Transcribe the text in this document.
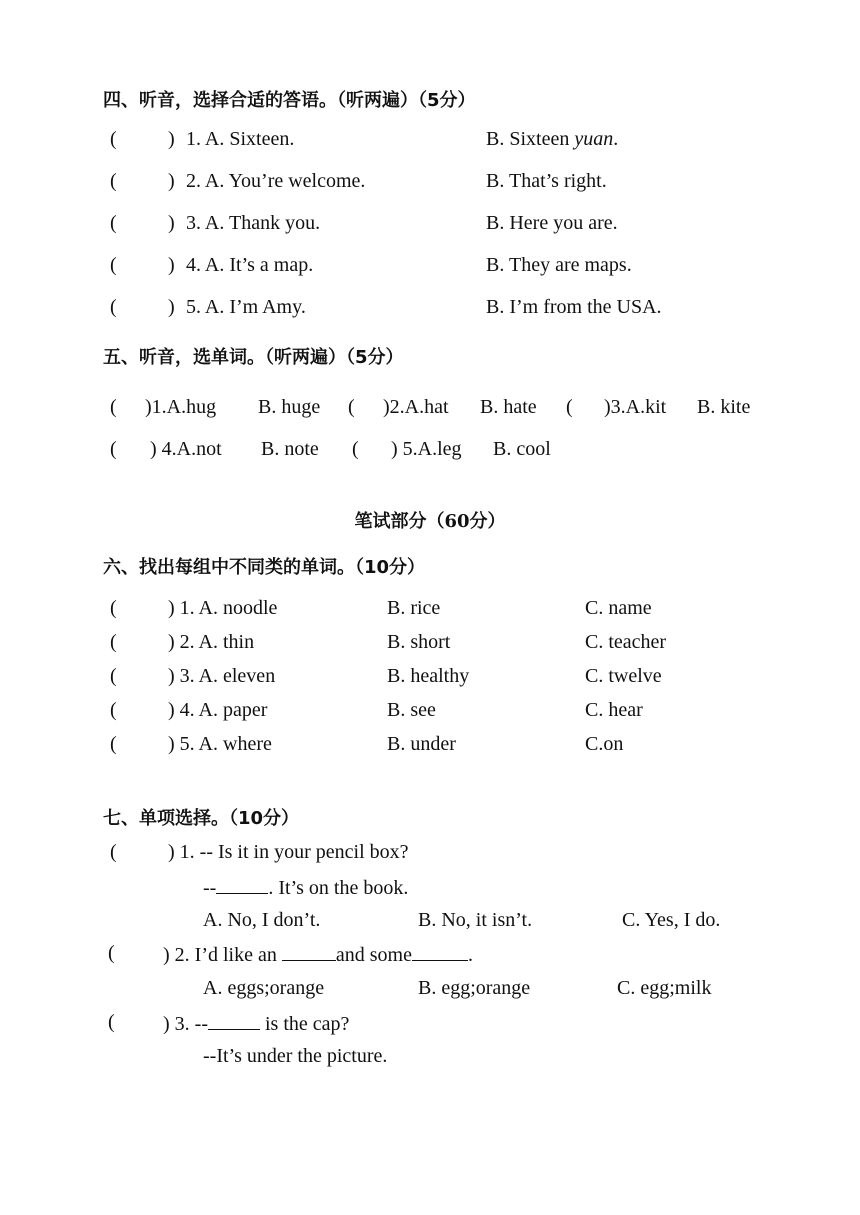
四、听音，选择合适的答语。（听两遍）（5分）
(	) 1. A. Sixteen.	B. Sixteen yuan.
(	) 2. A. You’re welcome.	B. That’s right.
(	) 3. A. Thank you.	B. Here you are.
(	) 4. A. It’s a map.	B. They are maps.
(	) 5. A. I’m Amy.	B. I’m from the USA.
五、听音，选单词。（听两遍）（5分）
( )1.A.hug B. huge ( )2.A.hat B. hate ( )3.A.kit B. kite
( ) 4.A.not B. note ( ) 5.A.leg B. cool
笔试部分（60分）
六、找出每组中不同类的单词。（10分）
(	) 1. A. noodle	B. rice	C. name
(	) 2. A. thin	B. short	C. teacher
(	) 3. A. eleven	B. healthy	C. twelve
(	) 4. A. paper	B. see	C. hear
(	) 5. A. where	B. under	C.on
七、单项选择。（10分）
(	) 1. -- Is it in your pencil box?
--	. It’s on the book.
A. No, I don’t.	B. No, it isn’t.	C. Yes, I do.
( ) 2. I’d like an	and some	.
A. eggs;orange	B. egg;orange	C. egg;milk
( ) 3. --	is the cap?
--It’s under the picture.
